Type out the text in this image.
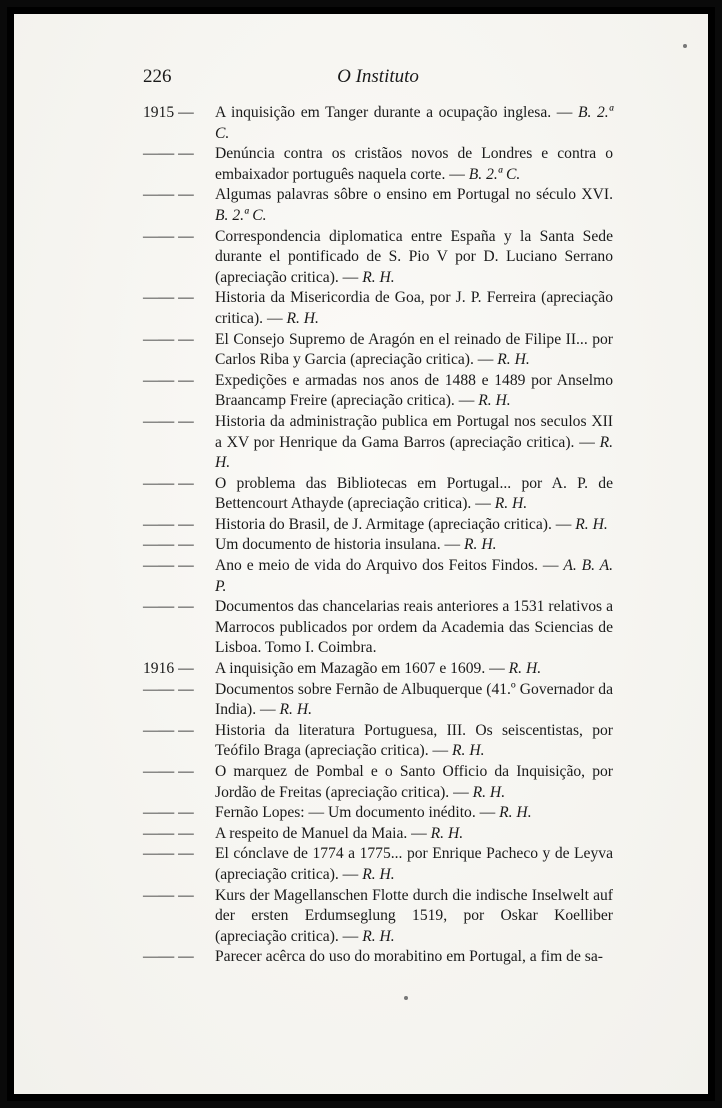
226	O Instituto
1915 — A inquisição em Tanger durante a ocupação inglesa. — B. 2.ª C.
—— — Denúncia contra os cristãos novos de Londres e contra o embaixador português naquela corte. — B. 2.ª C.
—— — Algumas palavras sôbre o ensino em Portugal no século XVI. B. 2.ª C.
—— — Correspondencia diplomatica entre España y la Santa Sede durante el pontificado de S. Pio V por D. Luciano Serrano (apreciação critica). — R. H.
—— — Historia da Misericordia de Goa, por J. P. Ferreira (apreciação critica). — R. H.
—— — El Consejo Supremo de Aragón en el reinado de Filipe II... por Carlos Riba y Garcia (apreciação critica). — R. H.
—— — Expedições e armadas nos anos de 1488 e 1489 por Anselmo Braancamp Freire (apreciação critica). — R. H.
—— — Historia da administração publica em Portugal nos seculos XII a XV por Henrique da Gama Barros (apreciação critica). — R. H.
—— — O problema das Bibliotecas em Portugal... por A. P. de Bettencourt Athayde (apreciação critica). — R. H.
—— — Historia do Brasil, de J. Armitage (apreciação critica). — R. H.
—— — Um documento de historia insulana. — R. H.
—— — Ano e meio de vida do Arquivo dos Feitos Findos. — A. B. A. P.
—— — Documentos das chancelarias reais anteriores a 1531 relativos a Marrocos publicados por ordem da Academia das Sciencias de Lisboa. Tomo I. Coimbra.
1916 — A inquisição em Mazagão em 1607 e 1609. — R. H.
—— — Documentos sobre Fernão de Albuquerque (41.º Governador da India). — R. H.
—— — Historia da literatura Portuguesa, III. Os seiscentistas, por Teófilo Braga (apreciação critica). — R. H.
—— — O marquez de Pombal e o Santo Officio da Inquisição, por Jordão de Freitas (apreciação critica). — R. H.
—— — Fernão Lopes: — Um documento inédito. — R. H.
—— — A respeito de Manuel da Maia. — R. H.
—— — El cónclave de 1774 a 1775... por Enrique Pacheco y de Leyva (apreciação critica). — R. H.
—— — Kurs der Magellanschen Flotte durch die indische Inselwelt auf der ersten Erdumseglung 1519, por Oskar Koelliber (apreciação critica). — R. H.
—— — Parecer acêrca do uso do morabitino em Portugal, a fim de sa-
